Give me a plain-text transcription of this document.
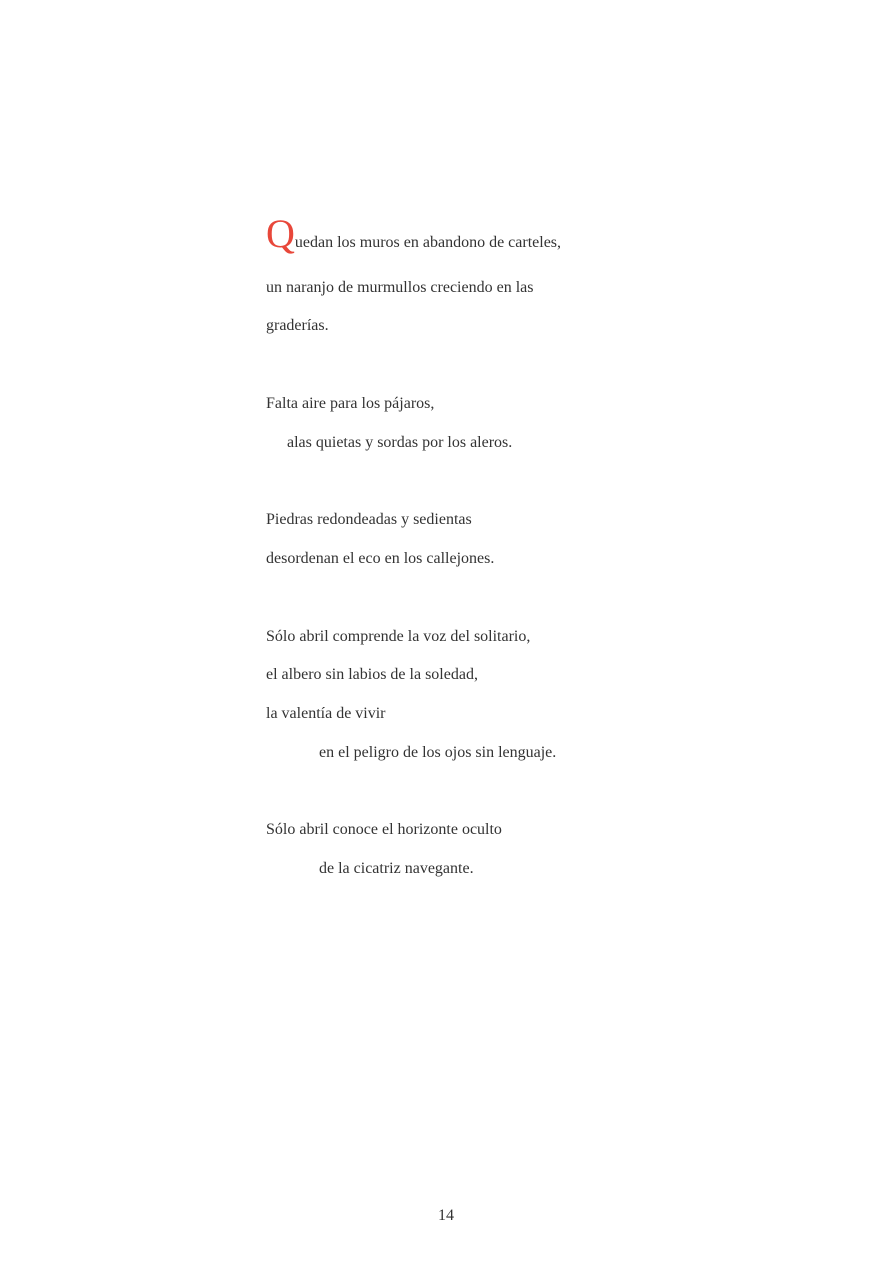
Quedan los muros en abandono de carteles,
un naranjo de murmullos creciendo en las
graderías.
Falta aire para los pájaros,
alas quietas y sordas por los aleros.
Piedras redondeadas y sedientas
desordenan el eco en los callejones.
Sólo abril comprende la voz del solitario,
el albero sin labios de la soledad,
la valentía de vivir
en el peligro de los ojos sin lenguaje.
Sólo abril conoce el horizonte oculto
de la cicatriz navegante.
14
